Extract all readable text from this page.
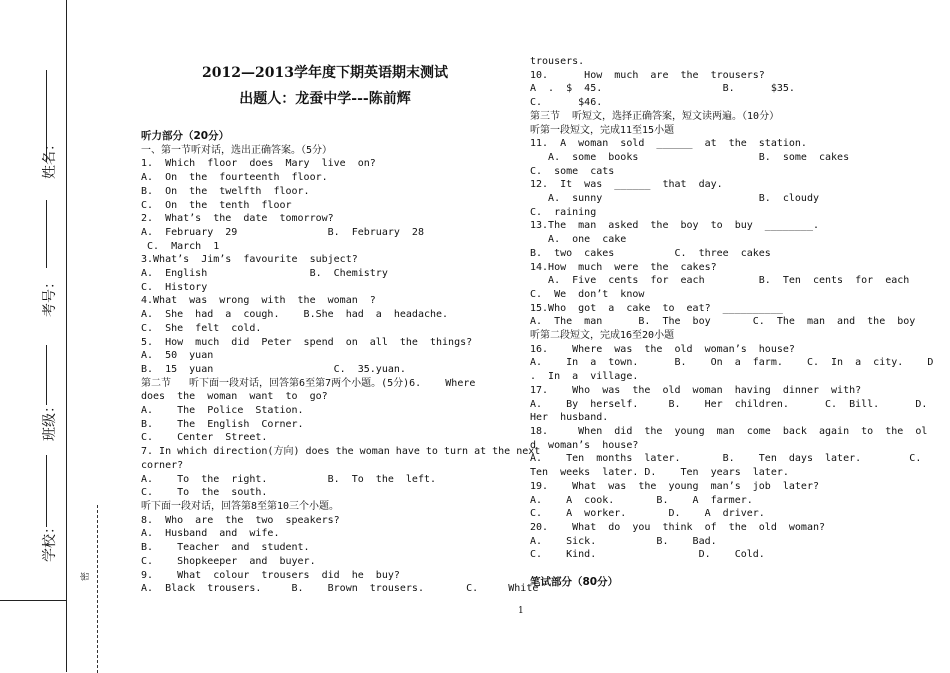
姓名：
考号：
班级：
学校：
密
2012—2013学年度下期英语期末测试
出题人：龙蚕中学---陈前辉

听力部分（20分）

一、第一节听对话，选出正确答案。（5分）

1.  Which  floor  does  Mary  live  on?

A.  On  the  fourteenth  floor.

B.  On  the  twelfth  floor.

C.  On  the  tenth  floor

2.  What’s  the  date  tomorrow?

A.  February  29               B.  February  28

C.  March  1

3.What’s  Jim’s  favourite  subject?

A.  English                 B.  Chemistry

C.  History

4.What  was  wrong  with  the  woman  ?

A.  She  had  a  cough.    B.She  had  a  headache.

C.  She  felt  cold.

5.  How  much  did  Peter  spend  on  all  the  things?

A.  50  yuan

B.  15  yuan                    C.  35.yuan.

第二节   听下面一段对话，回答第6至第7两个小题。(5分)6.    Where

does  the  woman  want  to  go?

A.    The  Police  Station.

B.    The  English  Corner.

C.    Center  Street.

7. In which direction(方向) does the woman have to turn at the next

corner?

A.    To  the  right.          B.  To  the  left.

C.    To  the  south.

听下面一段对话，回答第8至第10三个小题。

8.  Who  are  the  two  speakers?

A.  Husband  and  wife.

B.    Teacher  and  student.

C.    Shopkeeper  and  buyer.

9.    What  colour  trousers  did  he  buy?

A.  Black  trousers.     B.    Brown  trousers.       C.     White

trousers.

10.      How  much  are  the  trousers?

A  .  $  45.                    B.      $35.

C.      $46.

第三节  听短文，选择正确答案，短文读两遍。（10分）

听第一段短文，完成11至15小题

11.  A  woman  sold  ______  at  the  station.

A.  some  books                    B.  some  cakes

C.  some  cats

12.  It  was  ______  that  day.

A.  sunny                          B.  cloudy

C.  raining

13.The  man  asked  the  boy  to  buy  ________.

A.  one  cake

B.  two  cakes          C.  three  cakes

14.How  much  were  the  cakes?

A.  Five  cents  for  each         B.  Ten  cents  for  each

C.  We  don’t  know

15.Who  got  a  cake  to  eat?  __________

A.  The  man      B.  The  boy       C.  The  man  and  the  boy

听第二段短文，完成16至20小题

16.    Where  was  the  old  woman’s  house?

A.    In  a  town.      B.    On  a  farm.    C.  In  a  city.    D

.  In  a  village.

17.    Who  was  the  old  woman  having  dinner  with?

A.    By  herself.     B.    Her  children.      C.  Bill.      D.

Her  husband.

18.     When  did  the  young  man  come  back  again  to  the  ol

d  woman’s  house?

A.    Ten  months  later.       B.    Ten  days  later.        C.

Ten  weeks  later. D.    Ten  years  later.

19.    What  was  the  young  man’s  job  later?

A.    A  cook.       B.    A  farmer.

C.    A  worker.       D.    A  driver.

20.    What  do  you  think  of  the  old  woman?

A.    Sick.          B.    Bad.

C.    Kind.                 D.    Cold.

笔试部分（80分）

1
